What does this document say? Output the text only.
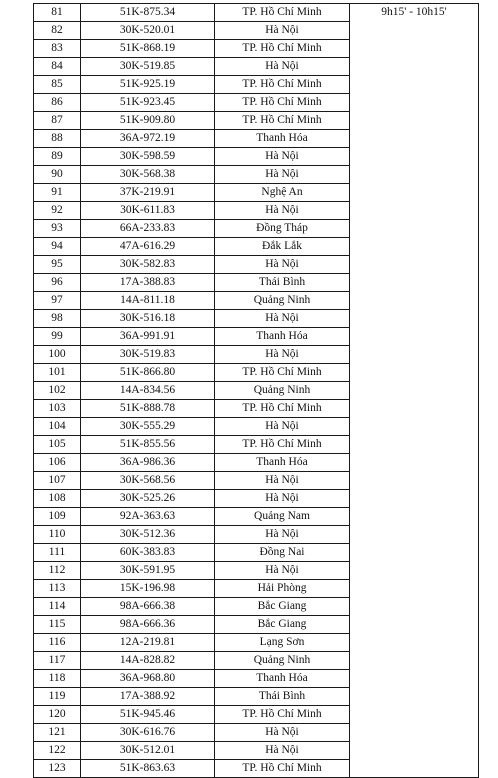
81	51K-875.34	TP. Hồ Chí Minh	9h15' - 10h15'
82	30K-520.01	Hà Nội	
83	51K-868.19	TP. Hồ Chí Minh	
84	30K-519.85	Hà Nội	
85	51K-925.19	TP. Hồ Chí Minh	
86	51K-923.45	TP. Hồ Chí Minh	
87	51K-909.80	TP. Hồ Chí Minh	
88	36A-972.19	Thanh Hóa	
89	30K-598.59	Hà Nội	
90	30K-568.38	Hà Nội	
91	37K-219.91	Nghệ An	
92	30K-611.83	Hà Nội	
93	66A-233.83	Đồng Tháp	
94	47A-616.29	Đắk Lắk	
95	30K-582.83	Hà Nội	
96	17A-388.83	Thái Bình	
97	14A-811.18	Quảng Ninh	
98	30K-516.18	Hà Nội	
99	36A-991.91	Thanh Hóa	
100	30K-519.83	Hà Nội	
101	51K-866.80	TP. Hồ Chí Minh	
102	14A-834.56	Quảng Ninh	
103	51K-888.78	TP. Hồ Chí Minh	
104	30K-555.29	Hà Nội	
105	51K-855.56	TP. Hồ Chí Minh	
106	36A-986.36	Thanh Hóa	
107	30K-568.56	Hà Nội	
108	30K-525.26	Hà Nội	
109	92A-363.63	Quảng Nam	
110	30K-512.36	Hà Nội	
111	60K-383.83	Đồng Nai	
112	30K-591.95	Hà Nội	
113	15K-196.98	Hải Phòng	
114	98A-666.38	Bắc Giang	
115	98A-666.36	Bắc Giang	
116	12A-219.81	Lạng Sơn	
117	14A-828.82	Quảng Ninh	
118	36A-968.80	Thanh Hóa	
119	17A-388.92	Thái Bình	
120	51K-945.46	TP. Hồ Chí Minh	
121	30K-616.76	Hà Nội	
122	30K-512.01	Hà Nội	
123	51K-863.63	TP. Hồ Chí Minh	
